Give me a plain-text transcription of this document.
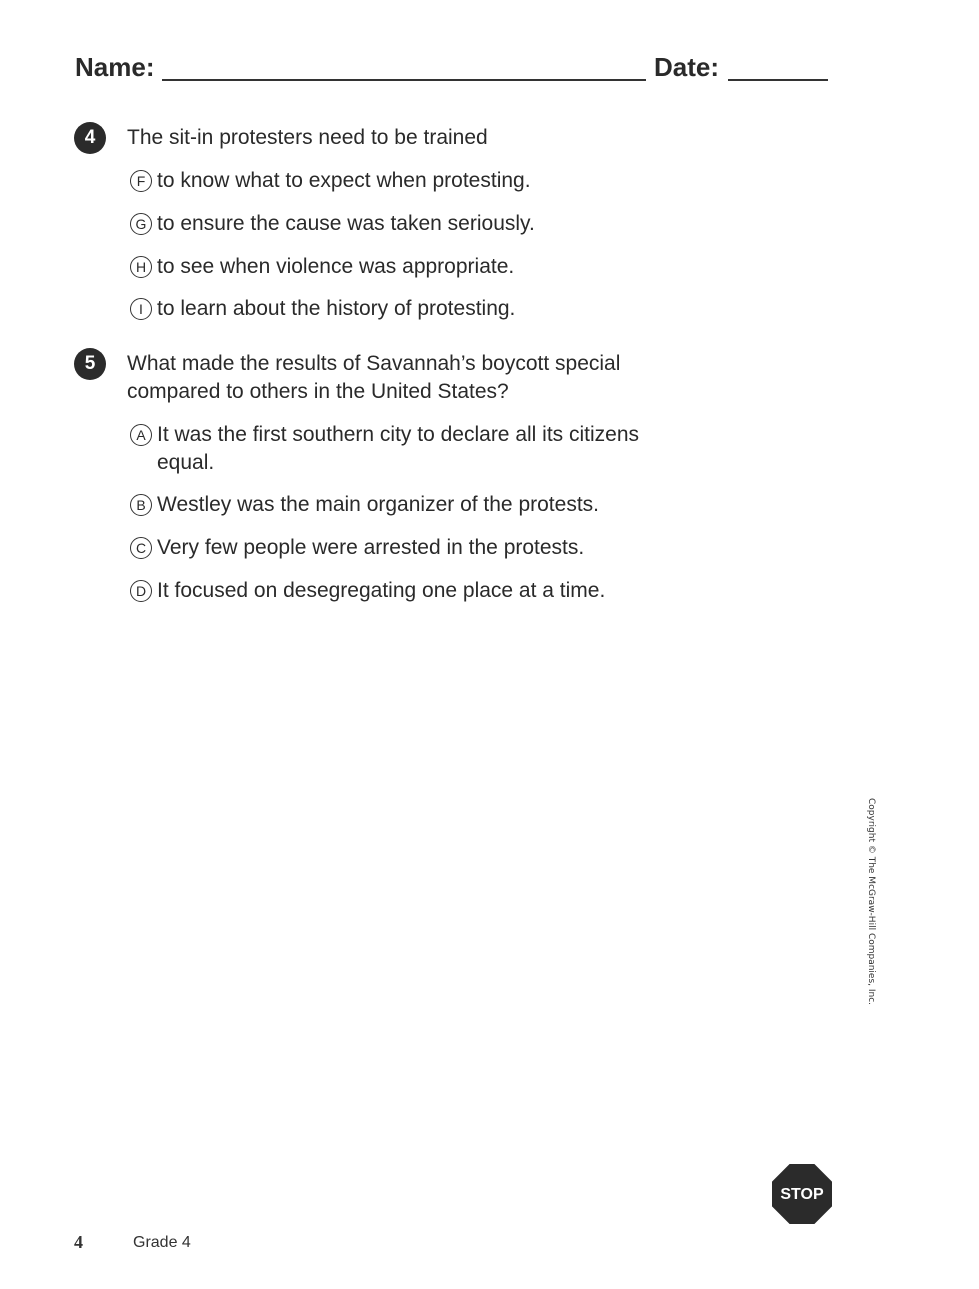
Name:	Date:
4	The sit-in protesters need to be trained
F to know what to expect when protesting.
G to ensure the cause was taken seriously.
H to see when violence was appropriate.
I to learn about the history of protesting.
5	What made the results of Savannah’s boycott special compared to others in the United States?
A It was the first southern city to declare all its citizens equal.
B Westley was the main organizer of the protests.
C Very few people were arrested in the protests.
D It focused on desegregating one place at a time.
Copyright © The McGraw-Hill Companies, Inc.
STOP
4	Grade 4
